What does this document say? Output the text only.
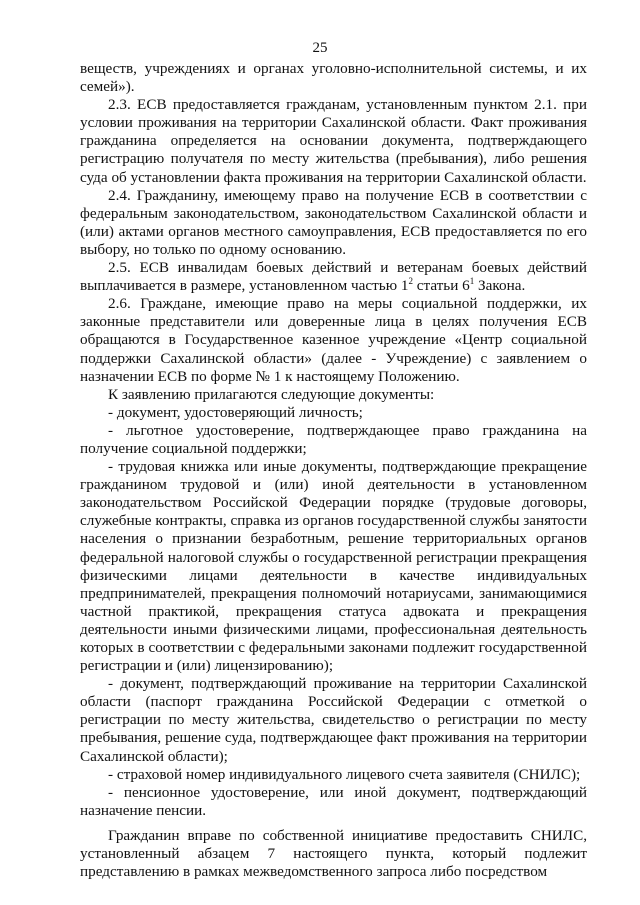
25

веществ, учреждениях и органах уголовно-исполнительной системы, и их семей»).

2.3. ЕСВ предоставляется гражданам, установленным пунктом 2.1. при условии проживания на территории Сахалинской области. Факт проживания гражданина определяется на основании документа, подтверждающего регистрацию получателя по месту жительства (пребывания), либо решения суда об установлении факта проживания на территории Сахалинской области.

2.4. Гражданину, имеющему право на получение ЕСВ в соответствии с федеральным законодательством, законодательством Сахалинской области и (или) актами органов местного самоуправления, ЕСВ предоставляется по его выбору, но только по одному основанию.

2.5. ЕСВ инвалидам боевых действий и ветеранам боевых действий выплачивается в размере, установленном частью $1^2$ статьи $6^1$ Закона.

2.6. Граждане, имеющие право на меры социальной поддержки, их законные представители или доверенные лица в целях получения ЕСВ обращаются в Государственное казенное учреждение «Центр социальной поддержки Сахалинской области» (далее - Учреждение) с заявлением о назначении ЕСВ по форме № 1 к настоящему Положению.

К заявлению прилагаются следующие документы:

- документ, удостоверяющий личность;

- льготное удостоверение, подтверждающее право гражданина на получение социальной поддержки;

- трудовая книжка или иные документы, подтверждающие прекращение гражданином трудовой и (или) иной деятельности в установленном законодательством Российской Федерации порядке (трудовые договоры, служебные контракты, справка из органов государственной службы занятости населения о признании безработным, решение территориальных органов федеральной налоговой службы о государственной регистрации прекращения физическими лицами деятельности в качестве индивидуальных предпринимателей, прекращения полномочий нотариусами, занимающимися частной практикой, прекращения статуса адвоката и прекращения деятельности иными физическими лицами, профессиональная деятельность которых в соответствии с федеральными законами подлежит государственной регистрации и (или) лицензированию);

- документ, подтверждающий проживание на территории Сахалинской области (паспорт гражданина Российской Федерации с отметкой о регистрации по месту жительства, свидетельство о регистрации по месту пребывания, решение суда, подтверждающее факт проживания на территории Сахалинской области);

- страховой номер индивидуального лицевого счета заявителя (СНИЛС);

- пенсионное удостоверение, или иной документ, подтверждающий назначение пенсии.

Гражданин вправе по собственной инициативе предоставить СНИЛС, установленный абзацем 7 настоящего пункта, который подлежит представлению в рамках межведомственного запроса либо посредством
